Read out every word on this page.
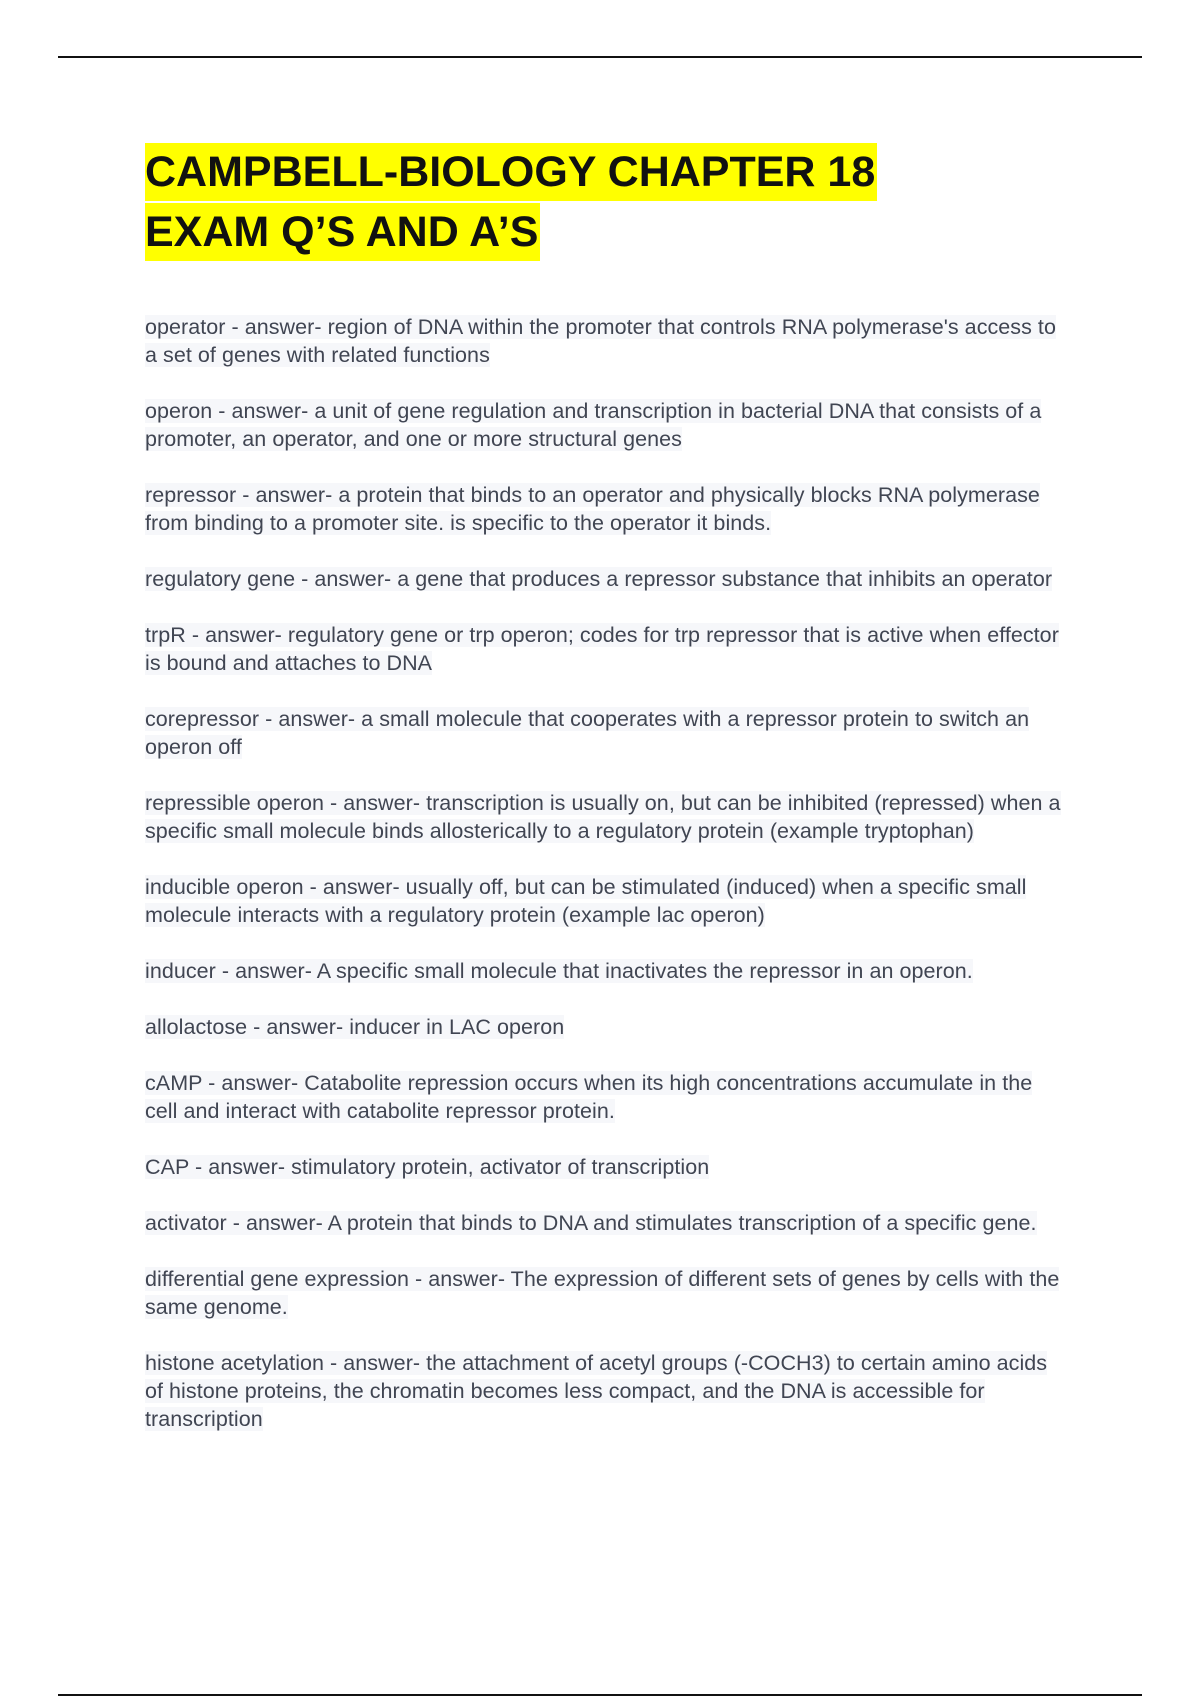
CAMPBELL-BIOLOGY CHAPTER 18
EXAM Q’S AND A’S

operator - answer- region of DNA within the promoter that controls RNA polymerase's access to a set of genes with related functions

operon - answer- a unit of gene regulation and transcription in bacterial DNA that consists of a promoter, an operator, and one or more structural genes

repressor - answer- a protein that binds to an operator and physically blocks RNA polymerase from binding to a promoter site. is specific to the operator it binds.

regulatory gene - answer- a gene that produces a repressor substance that inhibits an operator

trpR - answer- regulatory gene or trp operon; codes for trp repressor that is active when effector is bound and attaches to DNA

corepressor - answer- a small molecule that cooperates with a repressor protein to switch an operon off

repressible operon - answer- transcription is usually on, but can be inhibited (repressed) when a specific small molecule binds allosterically to a regulatory protein (example tryptophan)

inducible operon - answer- usually off, but can be stimulated (induced) when a specific small molecule interacts with a regulatory protein (example lac operon)

inducer - answer- A specific small molecule that inactivates the repressor in an operon.

allolactose - answer- inducer in LAC operon

cAMP - answer- Catabolite repression occurs when its high concentrations accumulate in the cell and interact with catabolite repressor protein.

CAP - answer- stimulatory protein, activator of transcription

activator - answer- A protein that binds to DNA and stimulates transcription of a specific gene.

differential gene expression - answer- The expression of different sets of genes by cells with the same genome.

histone acetylation - answer- the attachment of acetyl groups (-COCH3) to certain amino acids of histone proteins, the chromatin becomes less compact, and the DNA is accessible for transcription
